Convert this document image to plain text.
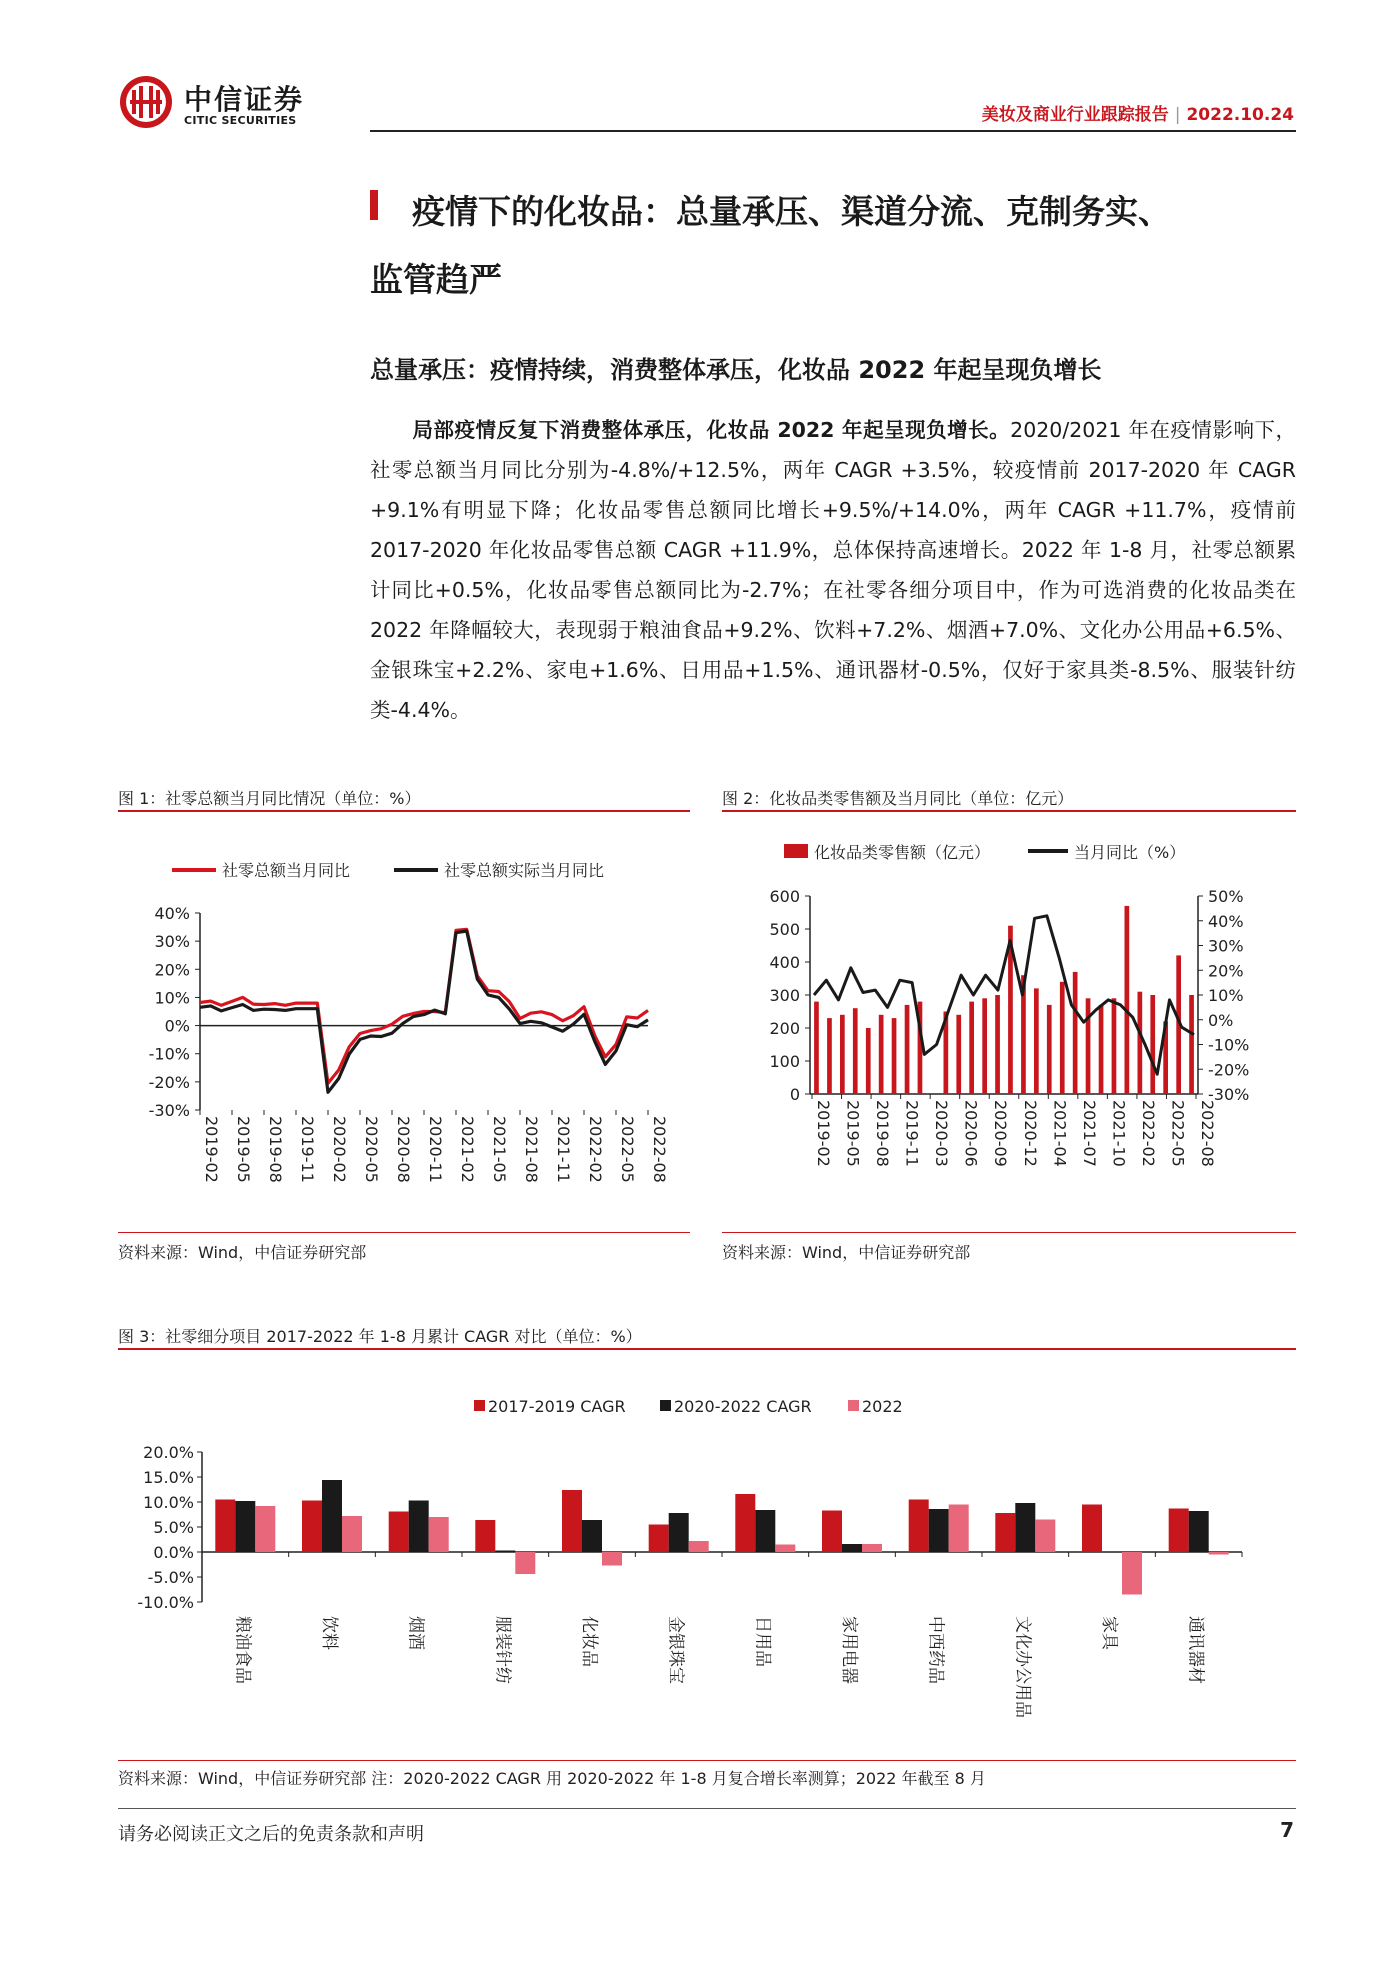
中信证券
CITIC SECURITIES	美妆及商业行业跟踪报告 | 2022.10.24
疫情下的化妆品：总量承压、渠道分流、克制务实、
监管趋严
总量承压：疫情持续，消费整体承压，化妆品 2022 年起呈现负增长
局部疫情反复下消费整体承压，化妆品 2022 年起呈现负增长。2020/2021 年在疫情影响下，社零总额当月同比分别为-4.8%/+12.5%，两年 CAGR +3.5%，较疫情前 2017-2020 年 CAGR +9.1%有明显下降；化妆品零售总额同比增长+9.5%/+14.0%，两年 CAGR +11.7%，疫情前 2017-2020 年化妆品零售总额 CAGR +11.9%，总体保持高速增长。2022 年 1-8 月，社零总额累计同比+0.5%，化妆品零售总额同比为-2.7%；在社零各细分项目中，作为可选消费的化妆品类在 2022 年降幅较大，表现弱于粮油食品+9.2%、饮料+7.2%、烟酒+7.0%、文化办公用品+6.5%、金银珠宝+2.2%、家电+1.6%、日用品+1.5%、通讯器材-0.5%，仅好于家具类-8.5%、服装针纺类-4.4%。
图 1：社零总额当月同比情况（单位：%）
社零总额当月同比	社零总额实际当月同比
40%
30%
20%
10%
0%
-10%
-20%
-30%
2019-02 2019-05 2019-08 2019-11 2020-02 2020-05 2020-08 2020-11 2021-02 2021-05 2021-08 2021-11 2022-02 2022-05 2022-08
资料来源：Wind，中信证券研究部
图 2：化妆品类零售额及当月同比（单位：亿元）
化妆品类零售额（亿元）	当月同比（%）
600
500
400
300
200
100
0
50%
40%
30%
20%
10%
0%
-10%
-20%
-30%
2019-02 2019-05 2019-08 2019-11 2020-03 2020-06 2020-09 2020-12 2021-04 2021-07 2021-10 2022-02 2022-05 2022-08
资料来源：Wind，中信证券研究部
图 3：社零细分项目 2017-2022 年 1-8 月累计 CAGR 对比（单位：%）
2017-2019 CAGR	2020-2022 CAGR	2022
20.0%
15.0%
10.0%
5.0%
0.0%
-5.0%
-10.0%
粮油食品	饮料	烟酒	服装针纺	化妆品	金银珠宝	日用品	家用电器	中西药品	文化办公用品	家具	通讯器材
资料来源：Wind，中信证券研究部 注：2020-2022 CAGR 用 2020-2022 年 1-8 月复合增长率测算；2022 年截至 8 月
请务必阅读正文之后的免责条款和声明	7
